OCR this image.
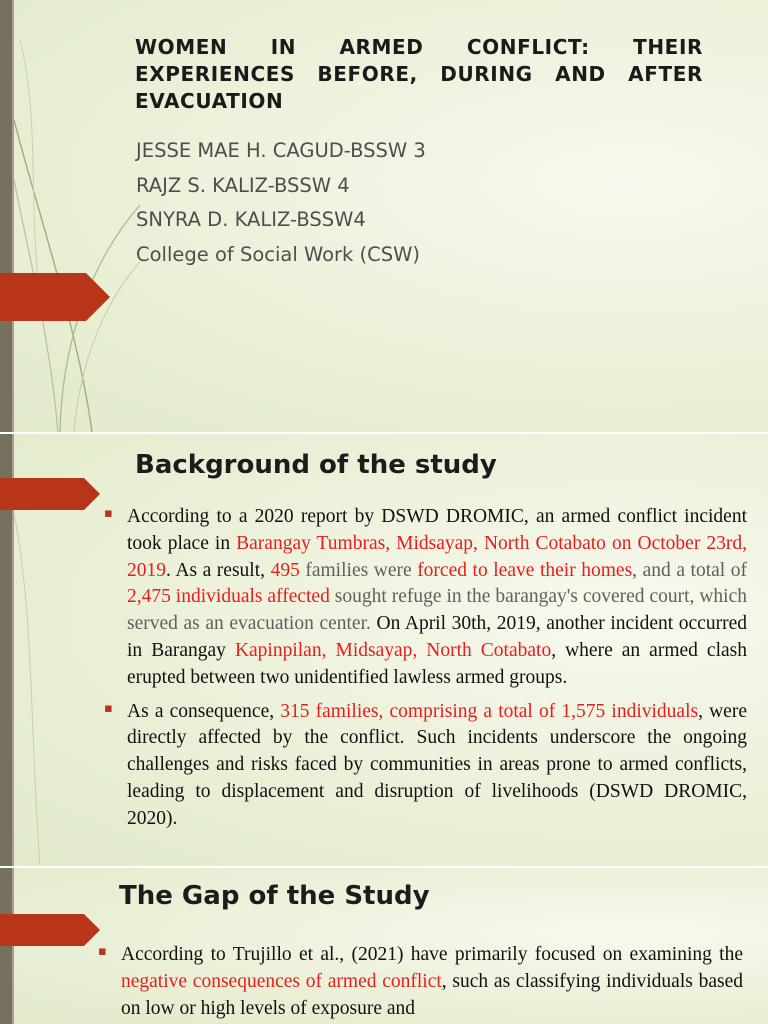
WOMEN IN ARMED CONFLICT: THEIR EXPERIENCES BEFORE, DURING AND AFTER EVACUATION
JESSE MAE H. CAGUD-BSSW 3
RAJZ S. KALIZ-BSSW 4
SNYRA D. KALIZ-BSSW4
College of Social Work (CSW)
Background of the study
▪ According to a 2020 report by DSWD DROMIC, an armed conflict incident took place in Barangay Tumbras, Midsayap, North Cotabato on October 23rd, 2019. As a result, 495 families were forced to leave their homes, and a total of 2,475 individuals affected sought refuge in the barangay's covered court, which served as an evacuation center. On April 30th, 2019, another incident occurred in Barangay Kapinpilan, Midsayap, North Cotabato, where an armed clash erupted between two unidentified lawless armed groups.

▪ As a consequence, 315 families, comprising a total of 1,575 individuals, were directly affected by the conflict. Such incidents underscore the ongoing challenges and risks faced by communities in areas prone to armed conflicts, leading to displacement and disruption of livelihoods (DSWD DROMIC, 2020).

The Gap of the Study
▪ According to Trujillo et al., (2021) have primarily focused on examining the negative consequences of armed conflict, such as classifying individuals based on low or high levels of exposure and
